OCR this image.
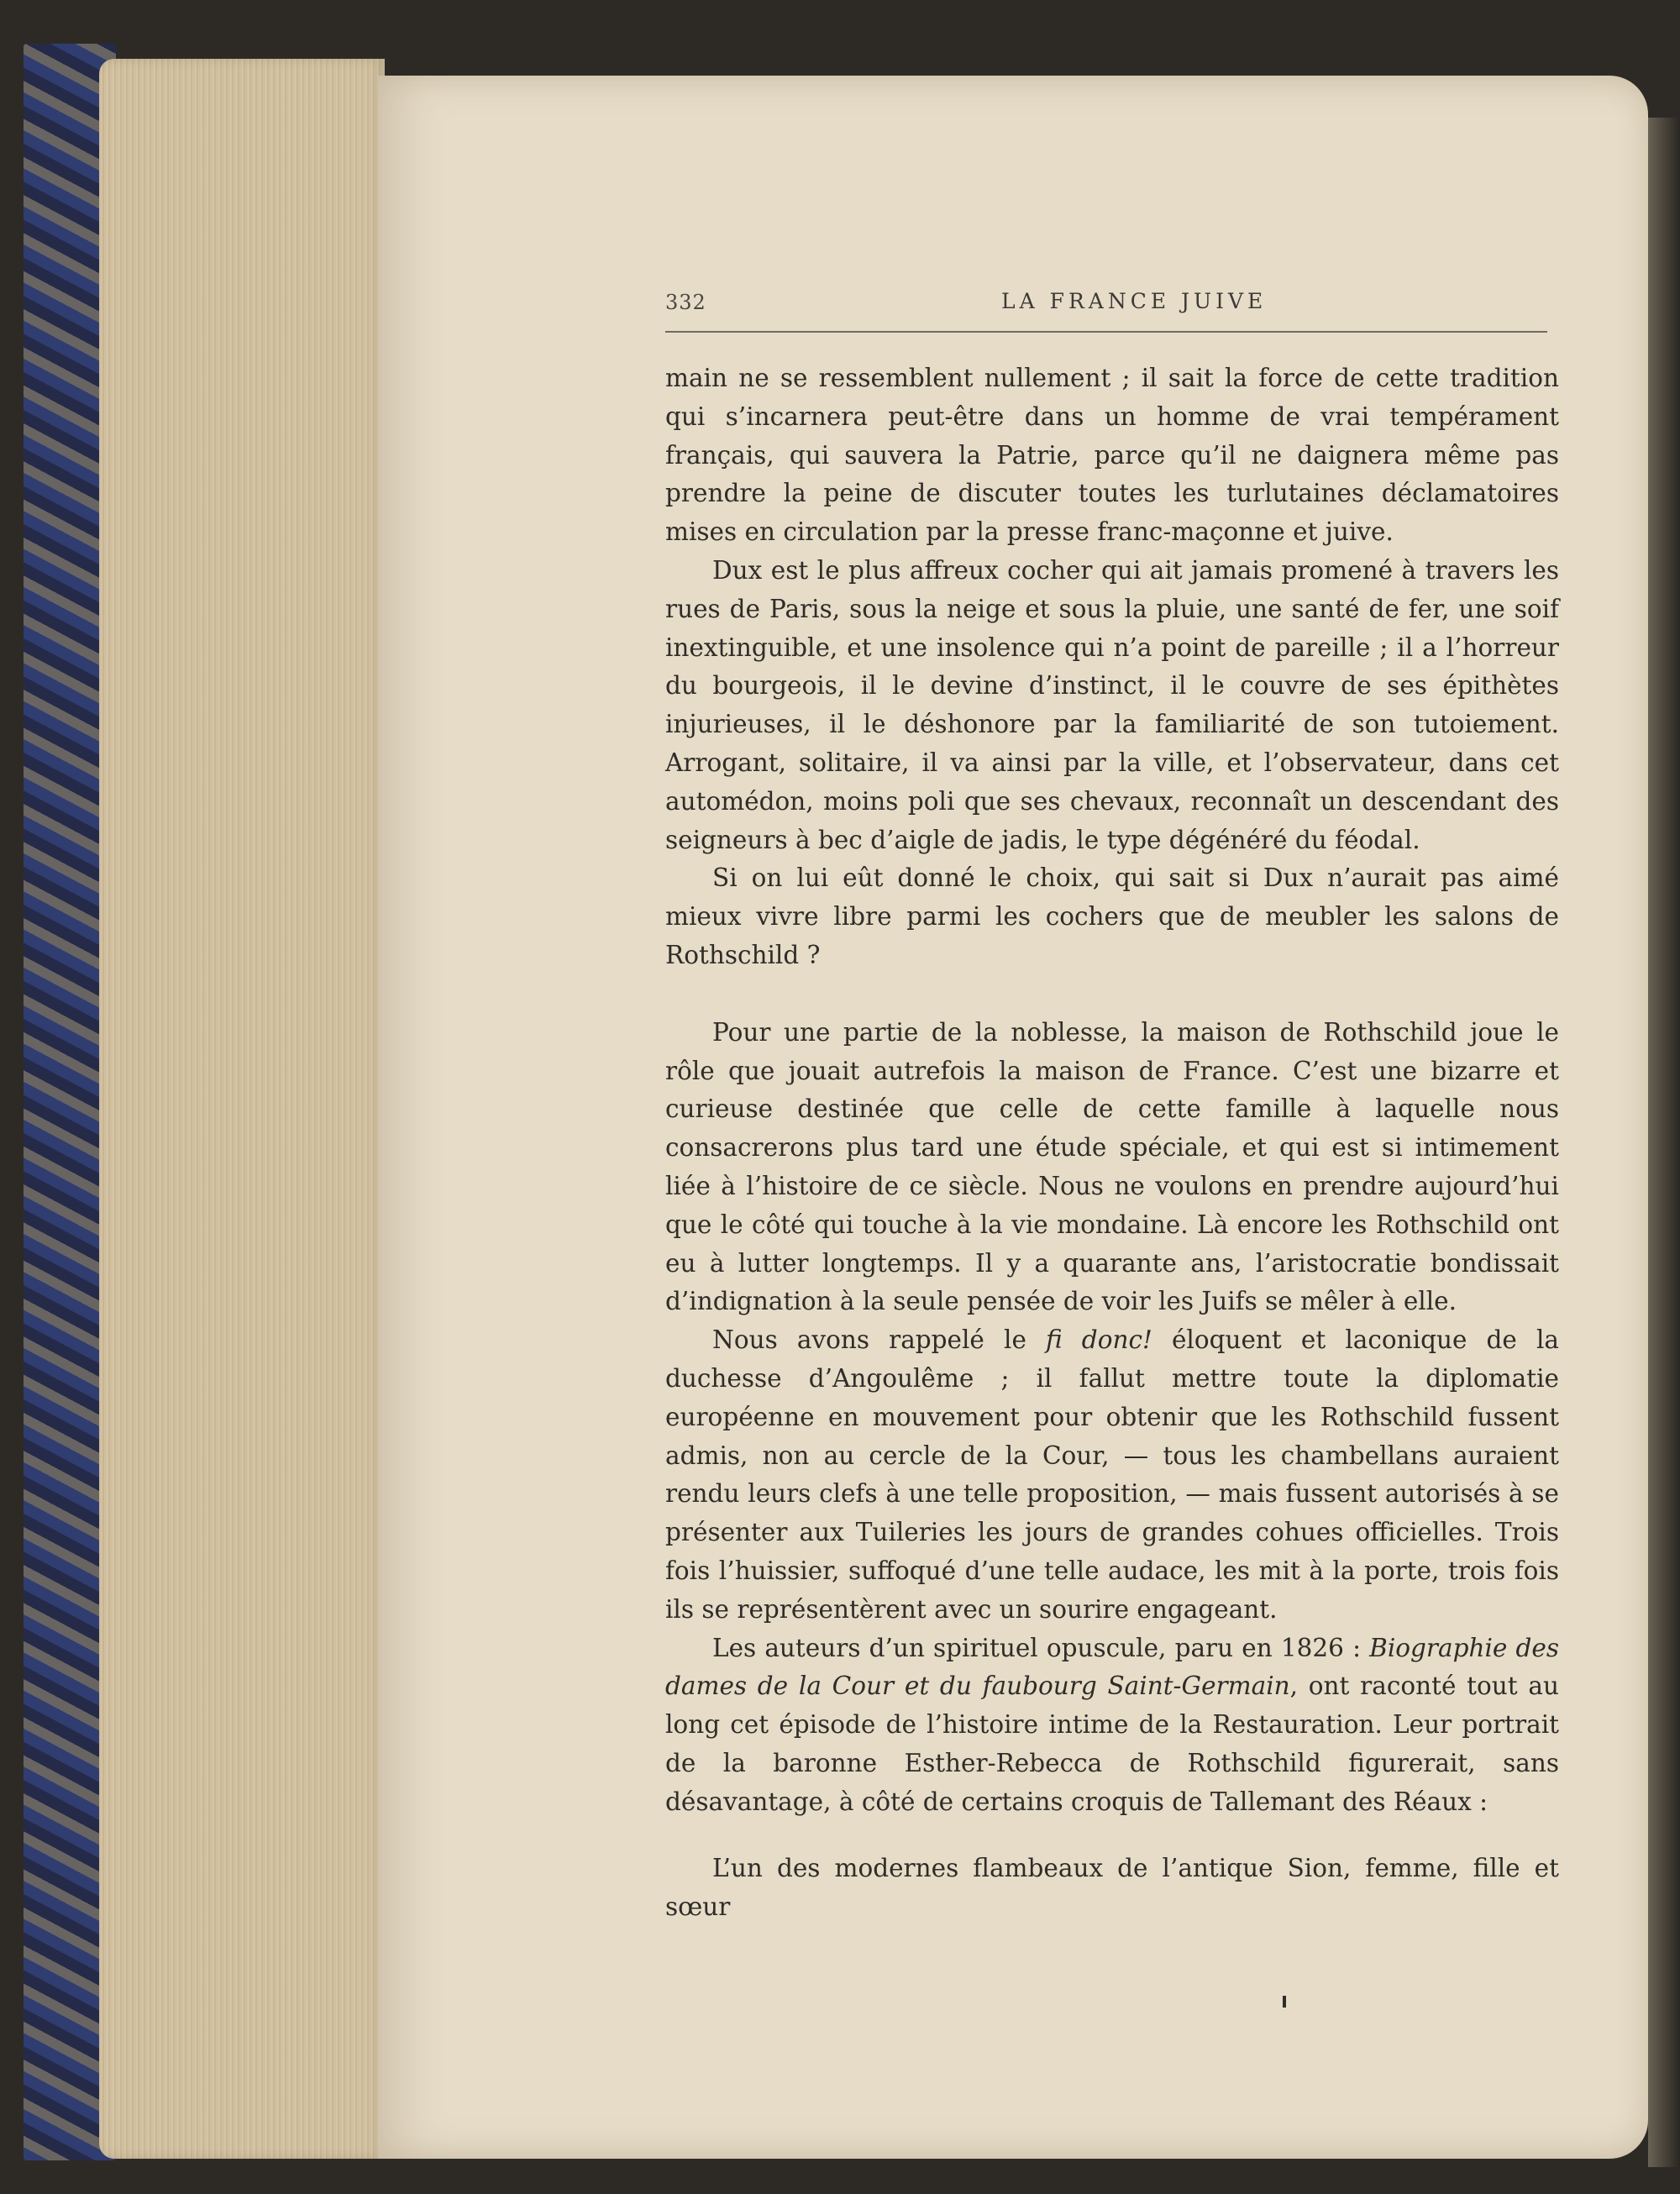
332	LA FRANCE JUIVE

main ne se ressemblent nullement ; il sait la force de cette tradition qui s’incarnera peut-être dans un homme de vrai tempérament français, qui sauvera la Patrie, parce qu’il ne daignera même pas prendre la peine de discuter toutes les turlutaines déclamatoires mises en circulation par la presse franc-maçonne et juive.

Dux est le plus affreux cocher qui ait jamais promené à travers les rues de Paris, sous la neige et sous la pluie, une santé de fer, une soif inextinguible, et une insolence qui n’a point de pareille ; il a l’horreur du bourgeois, il le devine d’instinct, il le couvre de ses épithètes injurieuses, il le déshonore par la familiarité de son tutoiement. Arrogant, solitaire, il va ainsi par la ville, et l’observateur, dans cet automédon, moins poli que ses chevaux, reconnaît un descendant des seigneurs à bec d’aigle de jadis, le type dégénéré du féodal.

Si on lui eût donné le choix, qui sait si Dux n’aurait pas aimé mieux vivre libre parmi les cochers que de meubler les salons de Rothschild ?

Pour une partie de la noblesse, la maison de Rothschild joue le rôle que jouait autrefois la maison de France. C’est une bizarre et curieuse destinée que celle de cette famille à laquelle nous consacrerons plus tard une étude spéciale, et qui est si intimement liée à l’histoire de ce siècle. Nous ne voulons en prendre aujourd’hui que le côté qui touche à la vie mondaine. Là encore les Rothschild ont eu à lutter longtemps. Il y a quarante ans, l’aristocratie bondissait d’indignation à la seule pensée de voir les Juifs se mêler à elle.

Nous avons rappelé le fi donc! éloquent et laconique de la duchesse d’Angoulême ; il fallut mettre toute la diplomatie européenne en mouvement pour obtenir que les Rothschild fussent admis, non au cercle de la Cour, — tous les chambellans auraient rendu leurs clefs à une telle proposition, — mais fussent autorisés à se présenter aux Tuileries les jours de grandes cohues officielles. Trois fois l’huissier, suffoqué d’une telle audace, les mit à la porte, trois fois ils se représentèrent avec un sourire engageant.

Les auteurs d’un spirituel opuscule, paru en 1826 : Biographie des dames de la Cour et du faubourg Saint-Germain, ont raconté tout au long cet épisode de l’histoire intime de la Restauration. Leur portrait de la baronne Esther-Rebecca de Rothschild figurerait, sans désavantage, à côté de certains croquis de Tallemant des Réaux :

L’un des modernes flambeaux de l’antique Sion, femme, fille et sœur
